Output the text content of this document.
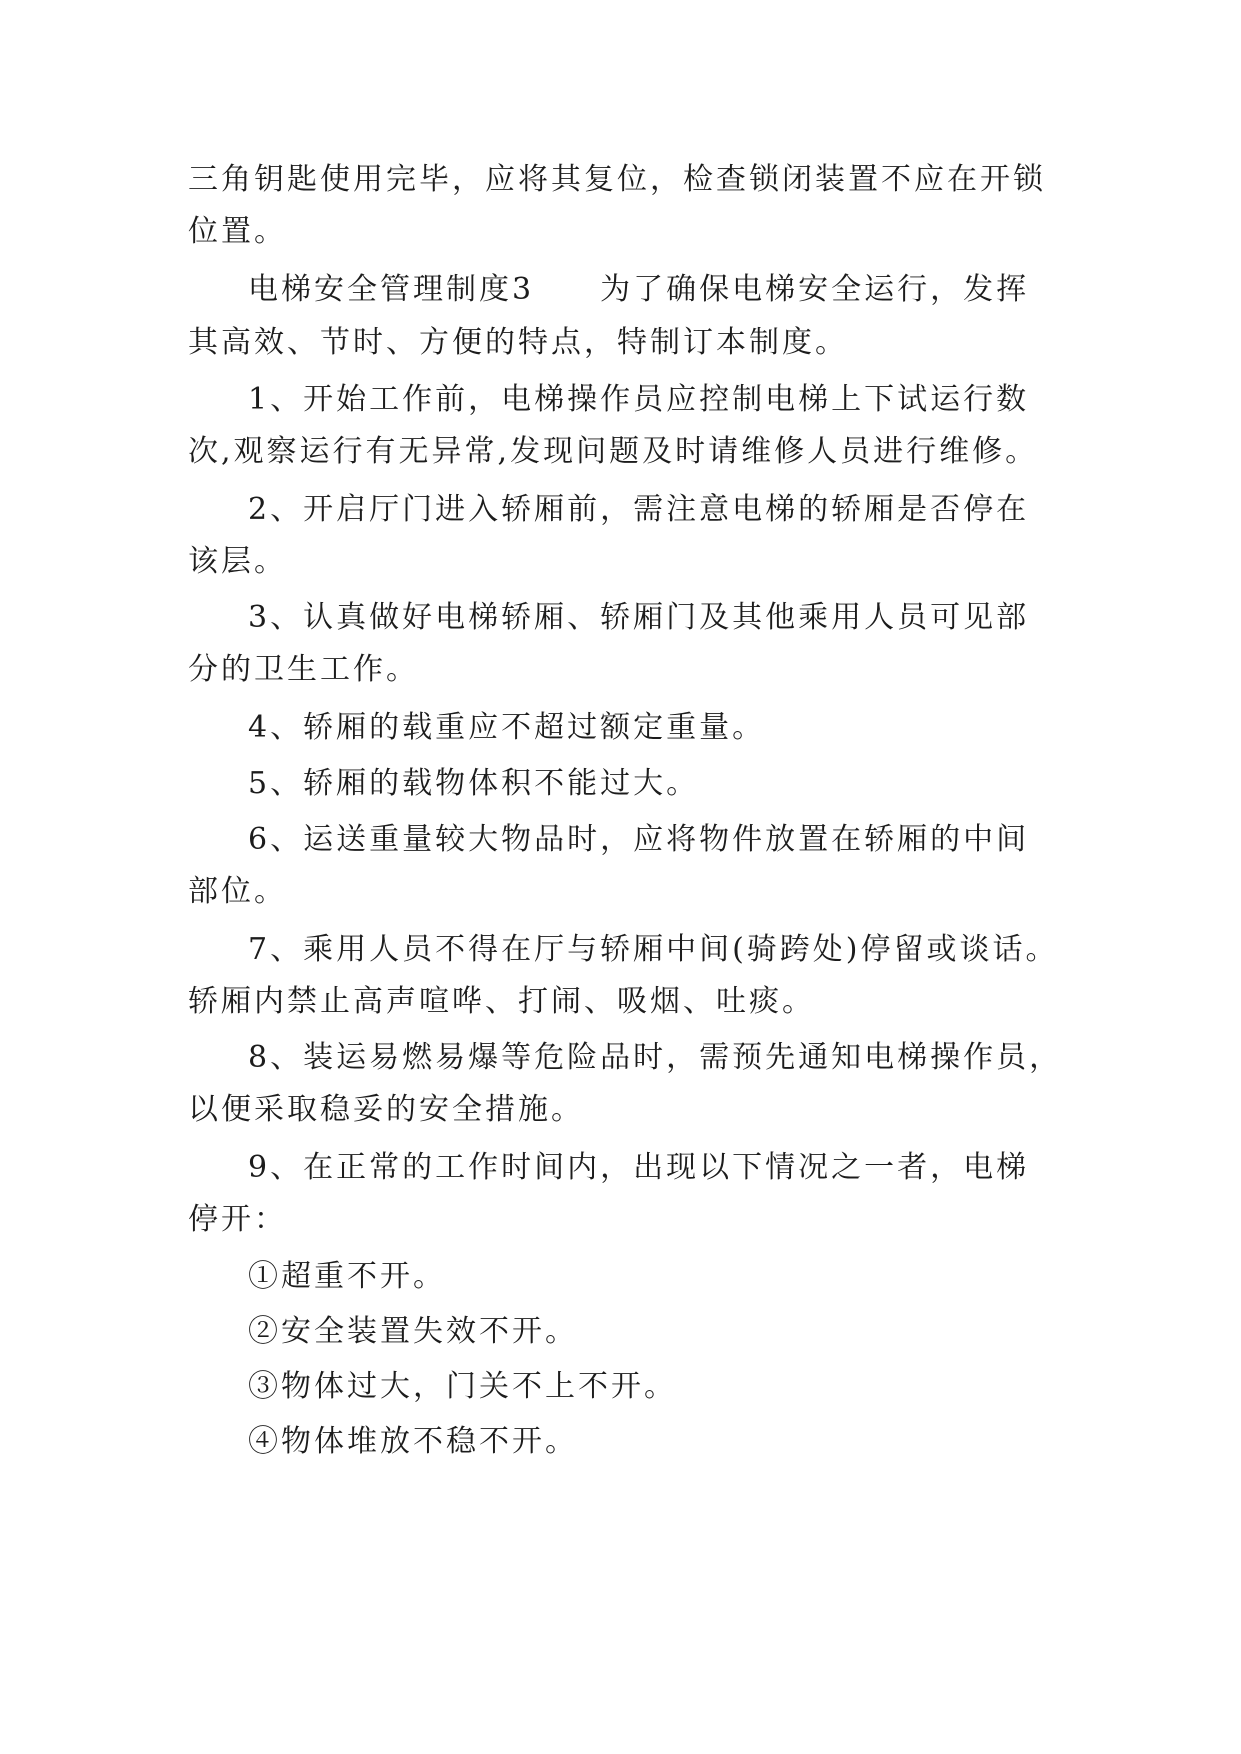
三角钥匙使用完毕，应将其复位，检查锁闭装置不应在开锁
位置。
电梯安全管理制度3　　为了确保电梯安全运行，发挥
其高效、节时、方便的特点，特制订本制度。
1、开始工作前，电梯操作员应控制电梯上下试运行数
次,观察运行有无异常,发现问题及时请维修人员进行维修。
2、开启厅门进入轿厢前，需注意电梯的轿厢是否停在
该层。
3、认真做好电梯轿厢、轿厢门及其他乘用人员可见部
分的卫生工作。
4、轿厢的载重应不超过额定重量。
5、轿厢的载物体积不能过大。
6、运送重量较大物品时，应将物件放置在轿厢的中间
部位。
7、乘用人员不得在厅与轿厢中间(骑跨处)停留或谈话。
轿厢内禁止高声喧哗、打闹、吸烟、吐痰。
8、装运易燃易爆等危险品时，需预先通知电梯操作员，
以便采取稳妥的安全措施。
9、在正常的工作时间内，出现以下情况之一者，电梯
停开：
①超重不开。
②安全装置失效不开。
③物体过大，门关不上不开。
④物体堆放不稳不开。
